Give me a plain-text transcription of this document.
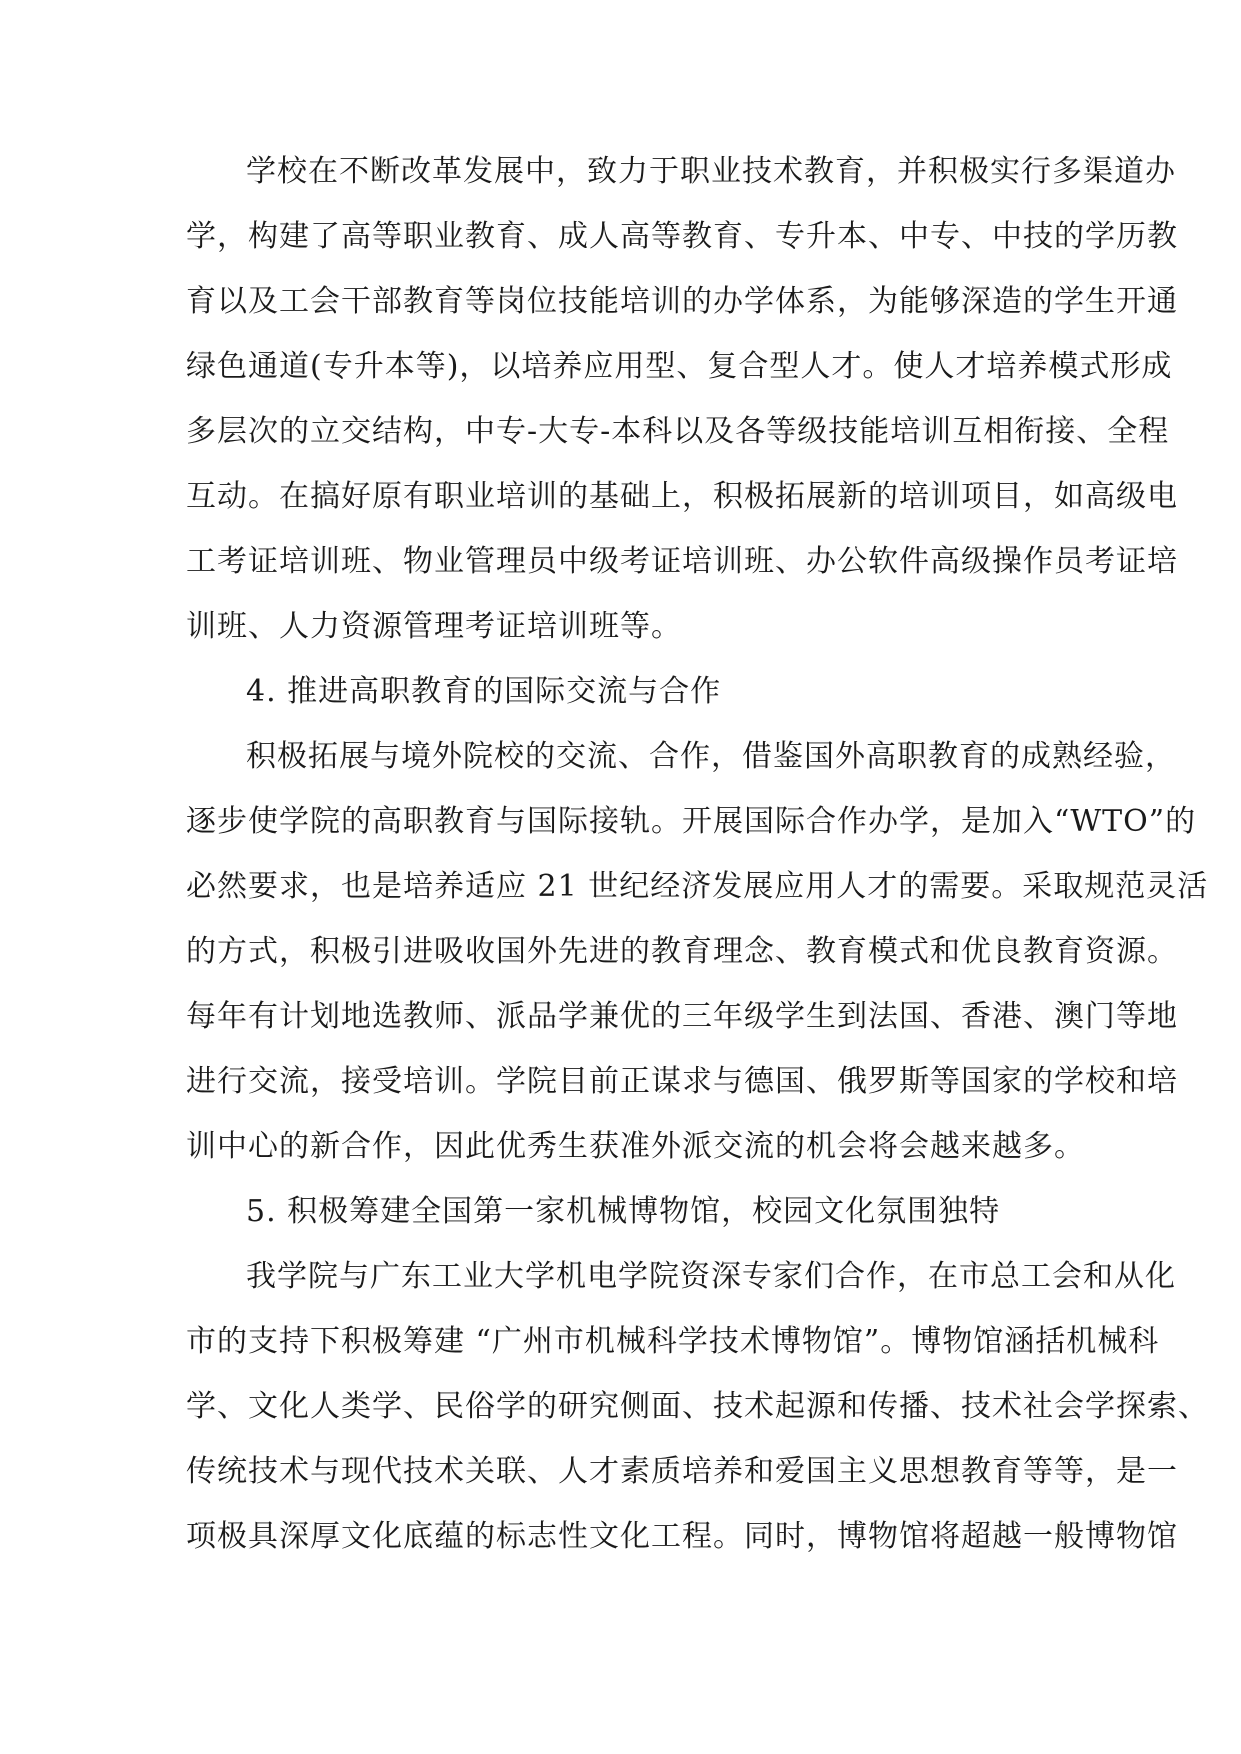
学校在不断改革发展中，致力于职业技术教育，并积极实行多渠道办
学，构建了高等职业教育、成人高等教育、专升本、中专、中技的学历教
育以及工会干部教育等岗位技能培训的办学体系，为能够深造的学生开通
绿色通道(专升本等)，以培养应用型、复合型人才。使人才培养模式形成
多层次的立交结构，中专-大专-本科以及各等级技能培训互相衔接、全程
互动。在搞好原有职业培训的基础上，积极拓展新的培训项目，如高级电
工考证培训班、物业管理员中级考证培训班、办公软件高级操作员考证培
训班、人力资源管理考证培训班等。
4. 推进高职教育的国际交流与合作
积极拓展与境外院校的交流、合作，借鉴国外高职教育的成熟经验，
逐步使学院的高职教育与国际接轨。开展国际合作办学，是加入“WTO”的
必然要求，也是培养适应 21 世纪经济发展应用人才的需要。采取规范灵活
的方式，积极引进吸收国外先进的教育理念、教育模式和优良教育资源。
每年有计划地选教师、派品学兼优的三年级学生到法国、香港、澳门等地
进行交流，接受培训。学院目前正谋求与德国、俄罗斯等国家的学校和培
训中心的新合作，因此优秀生获准外派交流的机会将会越来越多。
5. 积极筹建全国第一家机械博物馆，校园文化氛围独特
我学院与广东工业大学机电学院资深专家们合作，在市总工会和从化
市的支持下积极筹建 “广州市机械科学技术博物馆”。博物馆涵括机械科
学、文化人类学、民俗学的研究侧面、技术起源和传播、技术社会学探索、
传统技术与现代技术关联、人才素质培养和爱国主义思想教育等等，是一
项极具深厚文化底蕴的标志性文化工程。同时，博物馆将超越一般博物馆
